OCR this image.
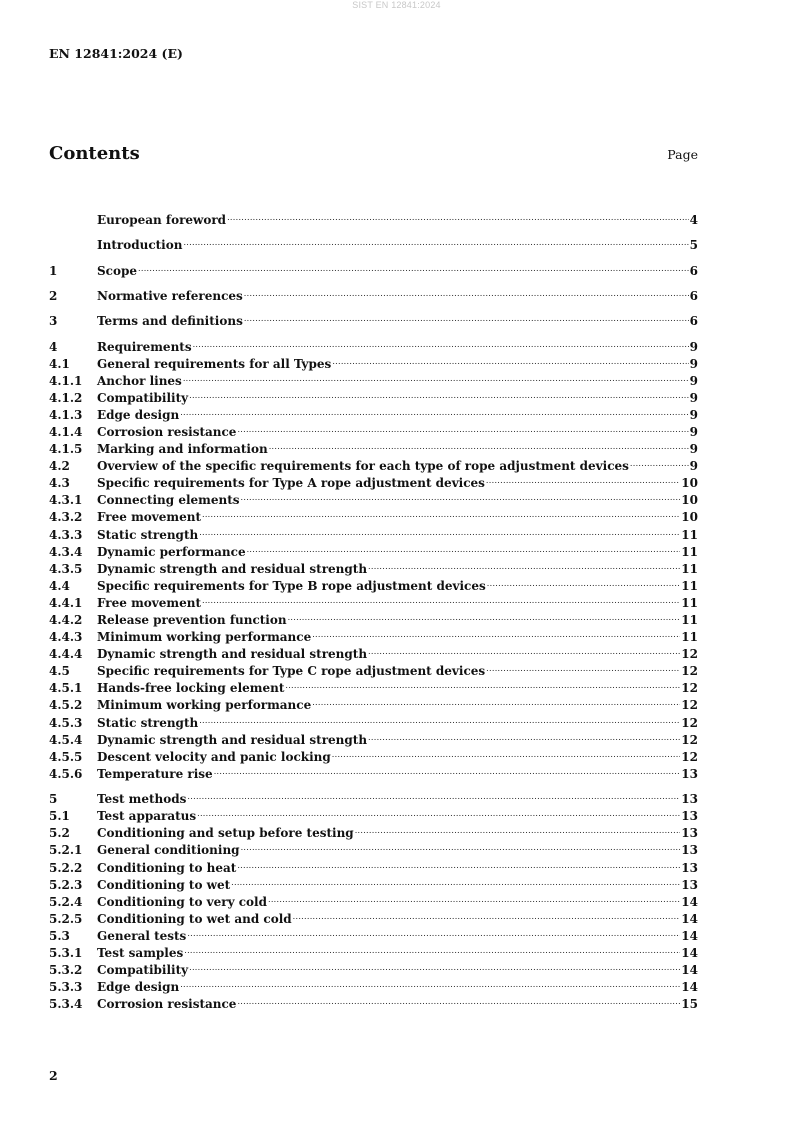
SIST EN 12841:2024
EN 12841:2024 (E)
Contents	Page
European foreword .....	4
Introduction .....	5
1	Scope .....	6
2	Normative references .....	6
3	Terms and definitions .....	6
4	Requirements .....	9
4.1	General requirements for all Types .....	9
4.1.1	Anchor lines .....	9
4.1.2	Compatibility .....	9
4.1.3	Edge design .....	9
4.1.4	Corrosion resistance .....	9
4.1.5	Marking and information .....	9
4.2	Overview of the specific requirements for each type of rope adjustment devices .....	9
4.3	Specific requirements for Type A rope adjustment devices .....	10
4.3.1	Connecting elements .....	10
4.3.2	Free movement .....	10
4.3.3	Static strength .....	11
4.3.4	Dynamic performance .....	11
4.3.5	Dynamic strength and residual strength .....	11
4.4	Specific requirements for Type B rope adjustment devices .....	11
4.4.1	Free movement .....	11
4.4.2	Release prevention function .....	11
4.4.3	Minimum working performance .....	11
4.4.4	Dynamic strength and residual strength .....	12
4.5	Specific requirements for Type C rope adjustment devices .....	12
4.5.1	Hands-free locking element .....	12
4.5.2	Minimum working performance .....	12
4.5.3	Static strength .....	12
4.5.4	Dynamic strength and residual strength .....	12
4.5.5	Descent velocity and panic locking .....	12
4.5.6	Temperature rise .....	13
5	Test methods .....	13
5.1	Test apparatus .....	13
5.2	Conditioning and setup before testing .....	13
5.2.1	General conditioning .....	13
5.2.2	Conditioning to heat .....	13
5.2.3	Conditioning to wet .....	13
5.2.4	Conditioning to very cold .....	14
5.2.5	Conditioning to wet and cold .....	14
5.3	General tests .....	14
5.3.1	Test samples .....	14
5.3.2	Compatibility .....	14
5.3.3	Edge design .....	14
5.3.4	Corrosion resistance .....	15
2
